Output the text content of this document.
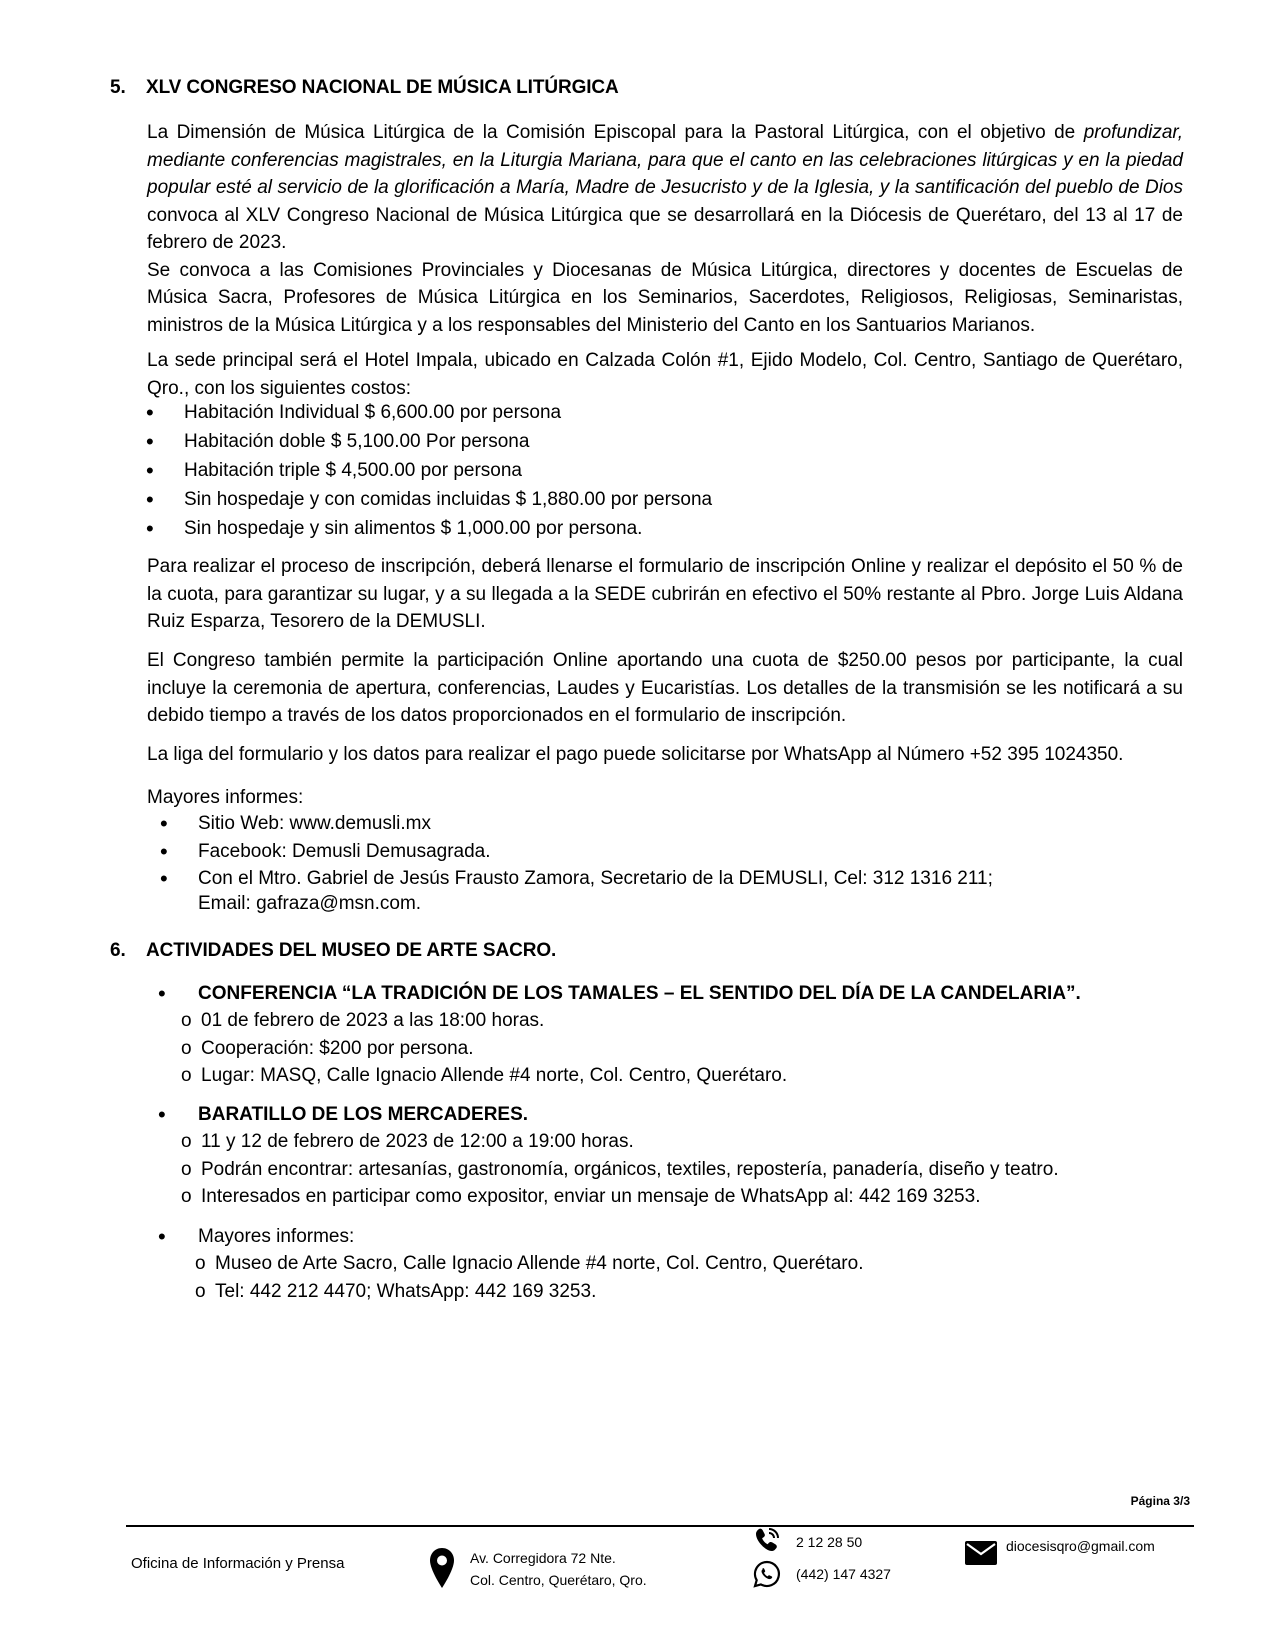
5. XLV CONGRESO NACIONAL DE MÚSICA LITÚRGICA

La Dimensión de Música Litúrgica de la Comisión Episcopal para la Pastoral Litúrgica, con el objetivo de profundizar, mediante conferencias magistrales, en la Liturgia Mariana, para que el canto en las celebraciones litúrgicas y en la piedad popular esté al servicio de la glorificación a María, Madre de Jesucristo y de la Iglesia, y la santificación del pueblo de Dios convoca al XLV Congreso Nacional de Música Litúrgica que se desarrollará en la Diócesis de Querétaro, del 13 al 17 de febrero de 2023.

Se convoca a las Comisiones Provinciales y Diocesanas de Música Litúrgica, directores y docentes de Escuelas de Música Sacra, Profesores de Música Litúrgica en los Seminarios, Sacerdotes, Religiosos, Religiosas, Seminaristas, ministros de la Música Litúrgica y a los responsables del Ministerio del Canto en los Santuarios Marianos.

La sede principal será el Hotel Impala, ubicado en Calzada Colón #1, Ejido Modelo, Col. Centro, Santiago de Querétaro, Qro., con los siguientes costos:
• Habitación Individual $ 6,600.00 por persona
• Habitación doble $ 5,100.00 Por persona
• Habitación triple $ 4,500.00 por persona
• Sin hospedaje y con comidas incluidas $ 1,880.00 por persona
• Sin hospedaje y sin alimentos $ 1,000.00 por persona.
Para realizar el proceso de inscripción, deberá llenarse el formulario de inscripción Online y realizar el depósito el 50 % de la cuota, para garantizar su lugar, y a su llegada a la SEDE cubrirán en efectivo el 50% restante al Pbro. Jorge Luis Aldana Ruiz Esparza, Tesorero de la DEMUSLI.
El Congreso también permite la participación Online aportando una cuota de $250.00 pesos por participante, la cual incluye la ceremonia de apertura, conferencias, Laudes y Eucaristías. Los detalles de la transmisión se les notificará a su debido tiempo a través de los datos proporcionados en el formulario de inscripción.
La liga del formulario y los datos para realizar el pago puede solicitarse por WhatsApp al Número +52 395 1024350.
Mayores informes:
• Sitio Web: www.demusli.mx
• Facebook: Demusli Demusagrada.
• Con el Mtro. Gabriel de Jesús Frausto Zamora, Secretario de la DEMUSLI, Cel: 312 1316 211;
Email: gafraza@msn.com.
6. ACTIVIDADES DEL MUSEO DE ARTE SACRO.
• CONFERENCIA “LA TRADICIÓN DE LOS TAMALES – EL SENTIDO DEL DÍA DE LA CANDELARIA”.
o 01 de febrero de 2023 a las 18:00 horas.
o Cooperación: $200 por persona.
o Lugar: MASQ, Calle Ignacio Allende #4 norte, Col. Centro, Querétaro.
• BARATILLO DE LOS MERCADERES.
o 11 y 12 de febrero de 2023 de 12:00 a 19:00 horas.
o Podrán encontrar: artesanías, gastronomía, orgánicos, textiles, repostería, panadería, diseño y teatro.
o Interesados en participar como expositor, enviar un mensaje de WhatsApp al: 442 169 3253.
• Mayores informes:
o Museo de Arte Sacro, Calle Ignacio Allende #4 norte, Col. Centro, Querétaro.
o Tel: 442 212 4470; WhatsApp: 442 169 3253.
Página 3/3
Oficina de Información y Prensa	Av. Corregidora 72 Nte.
Col. Centro, Querétaro, Qro.
2 12 28 50
(442) 147 4327
diocesisqro@gmail.com
